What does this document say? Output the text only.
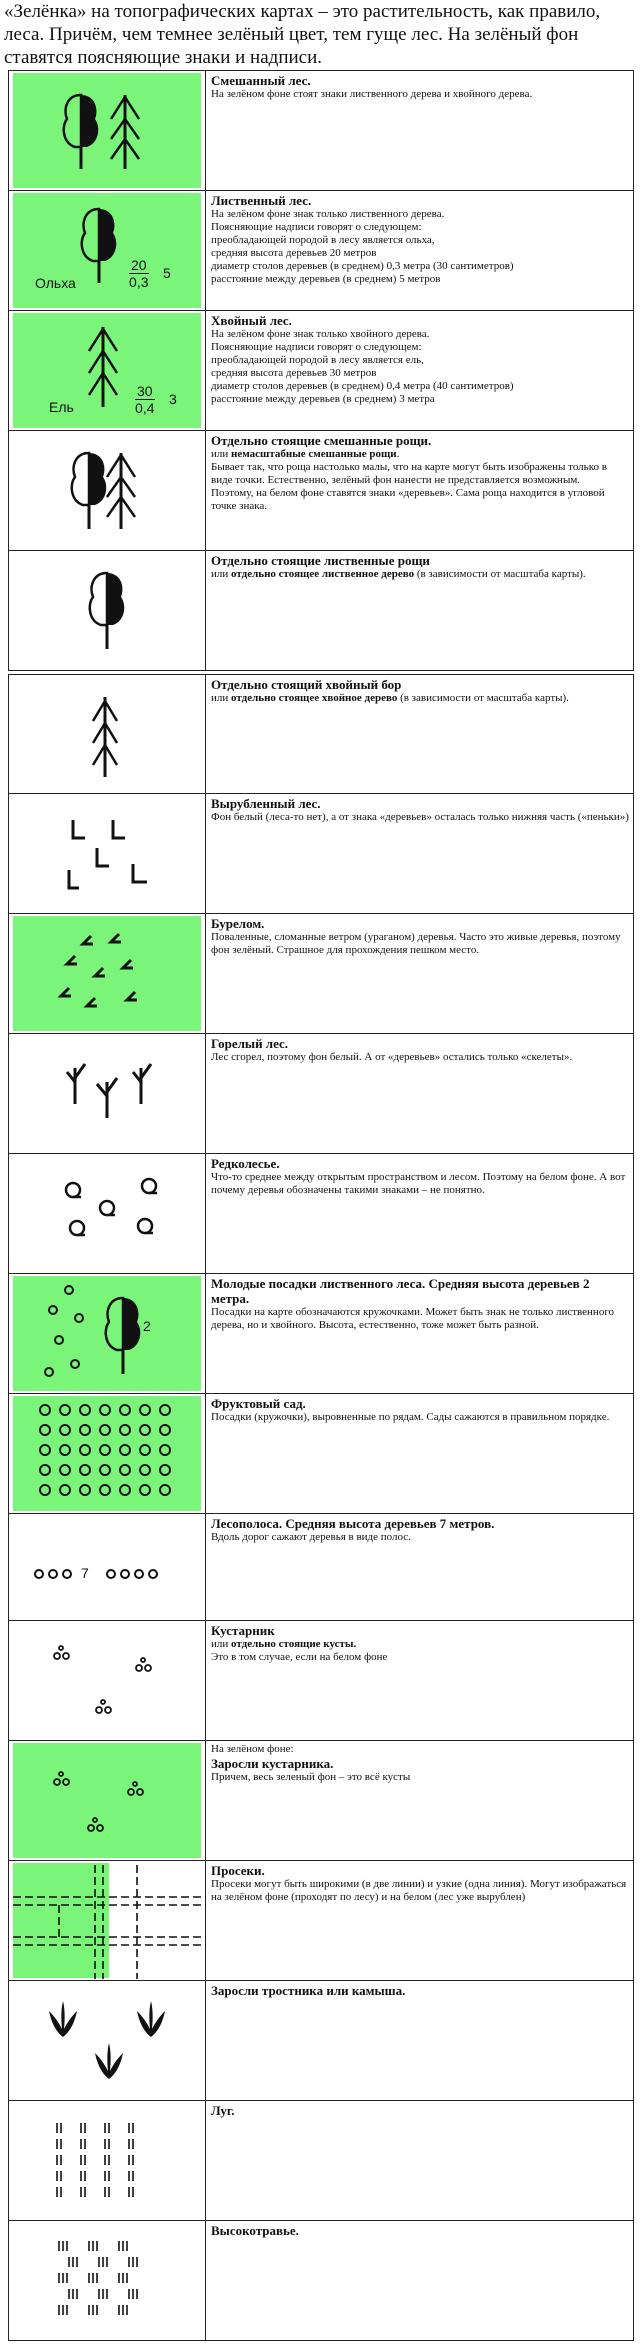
«Зелёнка» на топографических картах – это растительность, как правило, леса. Причём, чем темнее зелёный цвет, тем гуще лес. На зелёный фон ставятся поясняющие знаки и надписи.
Смешанный лес.

На зелёном фоне стоят знаки лиственного дерева и хвойного дерева.

Ольха	$\frac{20}{0,3} 5$
Лиственный лес.

На зелёном фоне знак только лиственного дерева.

Поясняющие надписи говорят о следующем:

преобладающей породой в лесу является ольха,

средняя высота деревьев 20 метров

диаметр столов деревьев (в среднем) 0,3 метра (30 сантиметров)

расстояние между деревьев (в среднем) 5 метров

Ель	$\frac{30}{0,4} 3$
Хвойный лес.

На зелёном фоне знак только хвойного дерева.

Поясняющие надписи говорят о следующем:

преобладающей породой в лесу является ель,

средняя высота деревьев 30 метров

диаметр столов деревьев (в среднем) 0,4 метра (40 сантиметров)

расстояние между деревьев (в среднем) 3 метра

Отдельно стоящие смешанные рощи.

или немасштабные смешанные рощи.

Бывает так, что роща настолько малы, что на карте могут быть изображены только в виде точки. Естественно, зелёный фон нанести не представляется возможным.

Поэтому, на белом фоне ставятся знаки «деревьев». Сама роща находится в угловой точке знака.

Отдельно стоящие лиственные рощи

или отдельно стоящее лиственное дерево (в зависимости от масштаба карты).

Отдельно стоящий хвойный бор

или отдельно стоящее хвойное дерево (в зависимости от масштаба карты).

Вырубленный лес.

Фон белый (леса-то нет), а от знака «деревьев» осталась только нижняя часть («пеньки»)

Бурелом.

Поваленные, сломанные ветром (ураганом) деревья. Часто это живые деревья, поэтому фон зелёный. Страшное для прохождения пешком место.

Горелый лес.

Лес сгорел, поэтому фон белый. А от «деревьев» остались только «скелеты».

Редколесье.

Что-то среднее между открытым пространством и лесом. Поэтому на белом фоне. А вот почему деревья обозначены такими знаками – не понятно.

2
Молодые посадки лиственного леса. Средняя высота деревьев 2 метра.

Посадки на карте обозначаются кружочками. Может быть знак не только лиственного дерева, но и хвойного. Высота, естественно, тоже может быть разной.

Фруктовый сад.

Посадки (кружочки), выровненные по рядам. Сады сажаются в правильном порядке.

7
Лесополоса. Средняя высота деревьев 7 метров.

Вдоль дорог сажают деревья в виде полос.

Кустарник

или отдельно стоящие кусты.

Это в том случае, если на белом фоне

На зелёном фоне:

Заросли кустарника.

Причем, весь зеленый фон – это всё кусты

Просеки.

Просеки могут быть широкими (в две линии) и узкие (одна линия). Могут изображаться на зелёном фоне (проходят по лесу) и на белом (лес уже вырублен)

Заросли тростника или камыша.
Луг.
Высокотравье.
